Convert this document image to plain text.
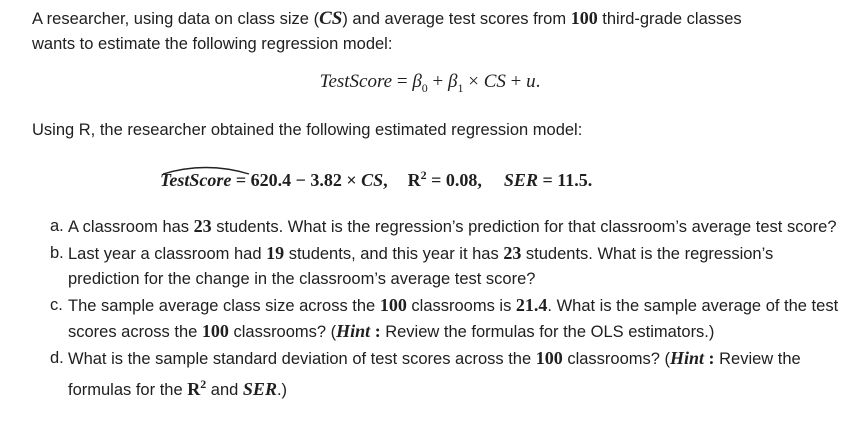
A researcher, using data on class size (CS) and average test scores from 100 third-grade classes
wants to estimate the following regression model:
TestScore = $\beta_0 + \beta_1$ × CS + u.
Using R, the researcher obtained the following estimated regression model:
TestScore = 620.4 − 3.82 × CS, $R^2 = 0.08$, SER = 11.5.
a. A classroom has 23 students. What is the regression’s prediction for that classroom’s average test score?
b. Last year a classroom had 19 students, and this year it has 23 students. What is the regression’s prediction for the change in the classroom’s average test score?
c. The sample average class size across the 100 classrooms is 21.4. What is the sample average of the test scores across the 100 classrooms? (Hint : Review the formulas for the OLS estimators.)
d. What is the sample standard deviation of test scores across the 100 classrooms? (Hint : Review the formulas for the $R^2$ and SER.)
